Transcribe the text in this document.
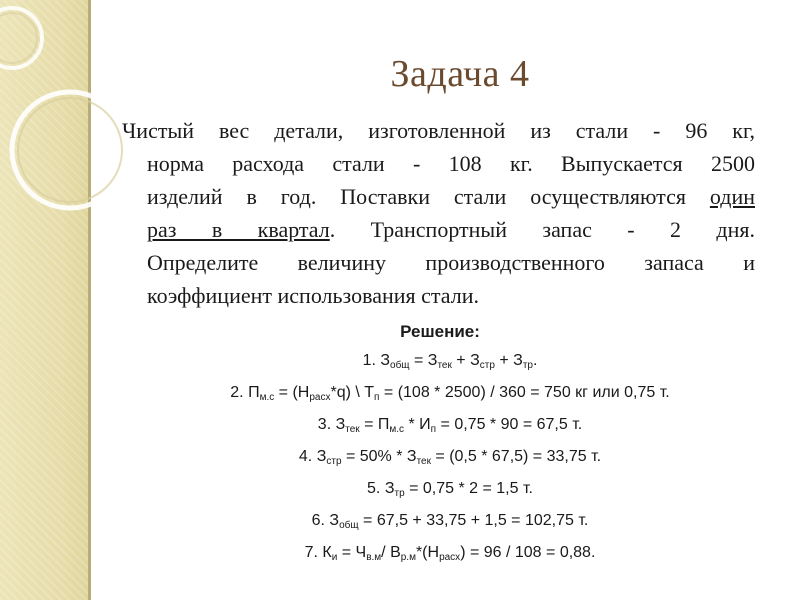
Задача 4
Чистый вес детали, изготовленной из стали - 96 кг,
норма расхода стали - 108 кг. Выпускается 2500
изделий в год. Поставки стали осуществляются один
раз в квартал. Транспортный запас - 2 дня.
Определите величину производственного запаса и
коэффициент использования стали.
Решение:
1. $З_{общ} = З_{тек} + З_{стр} + З_{тр}$.
2. $П_{м.с} = (Н_{расх}*q)$ \ $Т_п = (108 * 2500) / 360 = 750$ кг или 0,75 т.
3. $З_{тек} = П_{м.с} * И_п = 0,75 * 90 = 67,5$ т.
4. $З_{стр} = 50\% * З_{тек} = (0,5 * 67,5) = 33,75$ т.
5. $З_{тр} = 0,75 * 2 = 1,5$ т.
6. $З_{общ} = 67,5 + 33,75 + 1,5 = 102,75$ т.
7. $К_и = Ч_{в.м}/$ $В_{р.м}*(Н_{расх}) = 96 / 108 = 0,88$.
